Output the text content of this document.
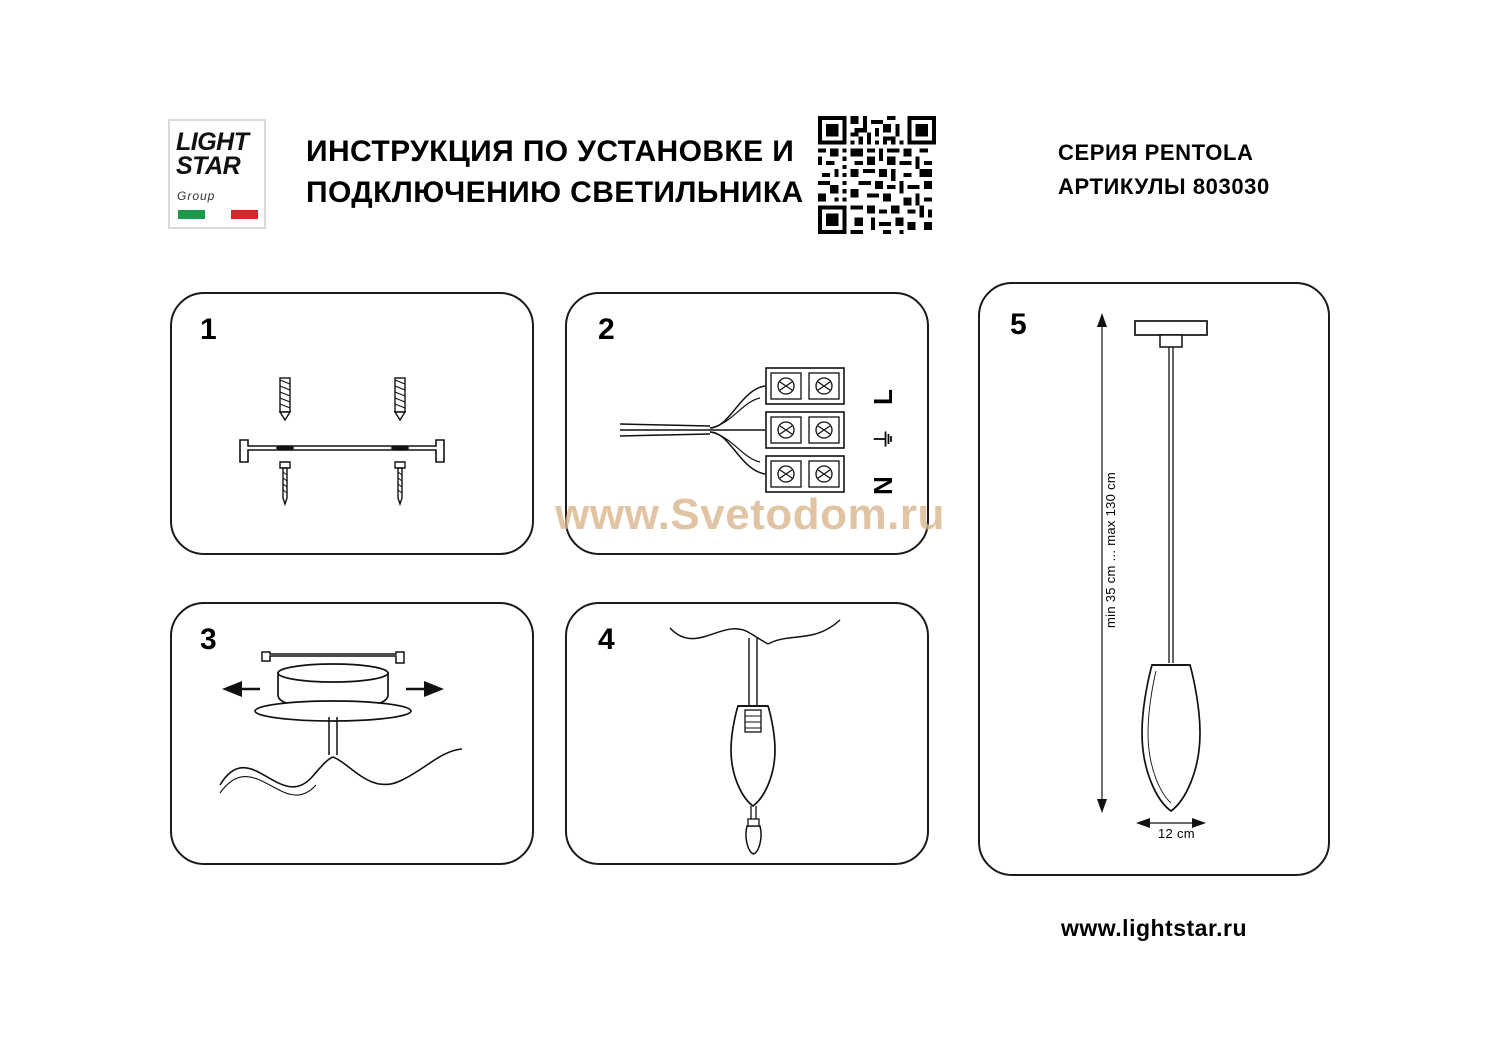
LIGHT
STAR
Group
ИНСТРУКЦИЯ ПО УСТАНОВКЕ И ПОДКЛЮЧЕНИЮ СВЕТИЛЬНИКА
СЕРИЯ PENTOLA
АРТИКУЛЫ 803030
1	2
L
⏚
N
3	4
5
min 35 cm ... max 130 cm
12 cm
www.Svetodom.ru
www.lightstar.ru
